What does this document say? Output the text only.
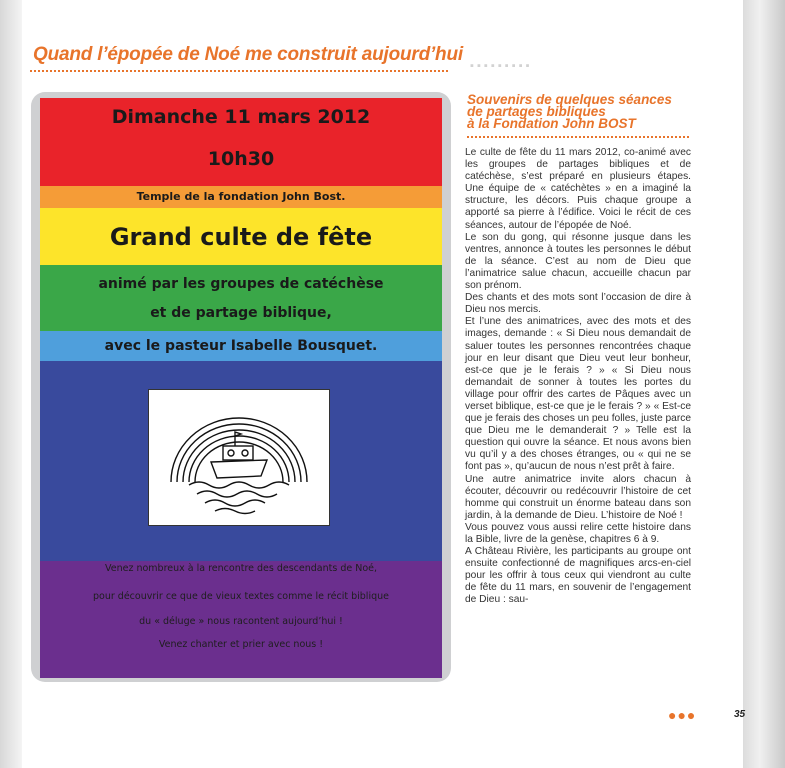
▪ ▪ ▪ ▪ ▪ ▪ ▪ ▪ ▪
Quand l’épopée de Noé me construit aujourd’hui
Dimanche 11 mars 2012
10h30
Temple de la fondation John Bost.
Grand culte de fête
animé par les groupes de catéchèse
et de partage biblique,
avec le pasteur Isabelle Bousquet.
Venez nombreux à la rencontre des descendants de Noé,
pour découvrir ce que de vieux textes comme le récit biblique
du « déluge » nous racontent aujourd’hui !
Venez chanter et prier avec nous !
Souvenirs de quelques séances
de partages bibliques
à la Fondation John BOST

Le culte de fête du 11 mars 2012, co-animé avec les groupes de partages bibliques et de catéchèse, s’est préparé en plusieurs étapes. Une équipe de « catéchètes » en a imaginé la structure, les décors. Puis chaque groupe a apporté sa pierre à l’édifice. Voici le récit de ces séances, autour de l’épopée de Noé.

Le son du gong, qui résonne jusque dans les ventres, annonce à toutes les personnes le début de la séance. C’est au nom de Dieu que l’animatrice salue chacun, accueille chacun par son prénom.

Des chants et des mots sont l’occasion de dire à Dieu nos mercis.

Et l’une des animatrices, avec des mots et des images, demande : « Si Dieu nous demandait de saluer toutes les personnes rencontrées chaque jour en leur disant que Dieu veut leur bonheur, est-ce que je le ferais ? » « Si Dieu nous demandait de sonner à toutes les portes du village pour offrir des cartes de Pâques avec un verset biblique, est-ce que je le ferais ? » « Est-ce que je ferais des choses un peu folles, juste parce que Dieu me le demanderait ? » Telle est la question qui ouvre la séance. Et nous avons bien vu qu’il y a des choses étranges, ou « qui ne se font pas », qu’aucun de nous n’est prêt à faire.

Une autre animatrice invite alors chacun à écouter, découvrir ou redécouvrir l’histoire de cet homme qui construit un énorme bateau dans son jardin, à la demande de Dieu. L’histoire de Noé !

Vous pouvez vous aussi relire cette histoire dans la Bible, livre de la genèse, chapitres 6 à 9.

A Château Rivière, les participants au groupe ont ensuite confectionné de magnifiques arcs-en-ciel pour les offrir à tous ceux qui viendront au culte de fête du 11 mars, en souvenir de l’engagement de Dieu : sau-

●●●	35
